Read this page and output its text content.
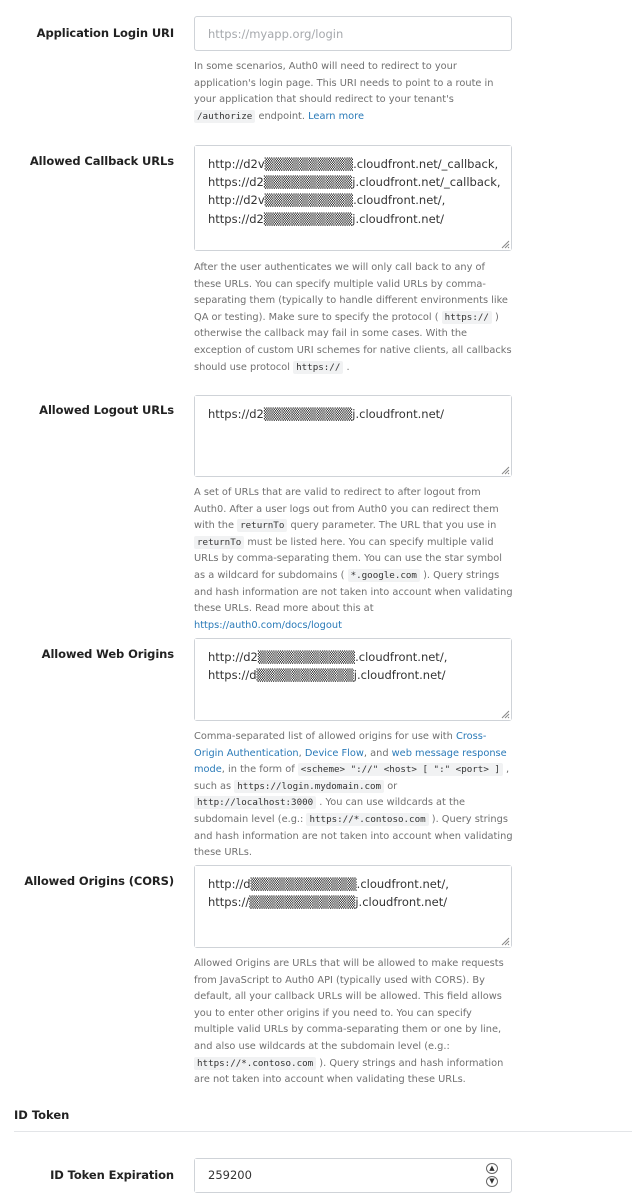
Application Login URI
https://myapp.org/login
In some scenarios, Auth0 will need to redirect to your application's login page. This URI needs to point to a route in your application that should redirect to your tenant's /authorize endpoint. Learn more
Allowed Callback URLs
http://d2v▒▒▒▒▒▒▒▒▒▒.cloudfront.net/_callback, https://d2▒▒▒▒▒▒▒▒▒▒j.cloudfront.net/_callback, http://d2v▒▒▒▒▒▒▒▒▒▒.cloudfront.net/, https://d2▒▒▒▒▒▒▒▒▒▒j.cloudfront.net/
After the user authenticates we will only call back to any of these URLs. You can specify multiple valid URLs by comma-separating them (typically to handle different environments like QA or testing). Make sure to specify the protocol ( https:// ) otherwise the callback may fail in some cases. With the exception of custom URI schemes for native clients, all callbacks should use protocol https:// .
Allowed Logout URLs
https://d2▒▒▒▒▒▒▒▒▒▒j.cloudfront.net/
A set of URLs that are valid to redirect to after logout from Auth0. After a user logs out from Auth0 you can redirect them with the returnTo query parameter. The URL that you use in returnTo must be listed here. You can specify multiple valid URLs by comma-separating them. You can use the star symbol as a wildcard for subdomains ( *.google.com ). Query strings and hash information are not taken into account when validating these URLs. Read more about this at https://auth0.com/docs/logout
Allowed Web Origins
http://d2▒▒▒▒▒▒▒▒▒▒▒.cloudfront.net/, https://d▒▒▒▒▒▒▒▒▒▒▒j.cloudfront.net/
Comma-separated list of allowed origins for use with Cross-Origin Authentication, Device Flow, and web message response mode, in the form of <scheme> "://" <host> [ ":" <port> ] , such as https://login.mydomain.com or http://localhost:3000 . You can use wildcards at the subdomain level (e.g.: https://*.contoso.com ). Query strings and hash information are not taken into account when validating these URLs.
Allowed Origins (CORS)
http://d▒▒▒▒▒▒▒▒▒▒▒▒.cloudfront.net/, https://▒▒▒▒▒▒▒▒▒▒▒▒j.cloudfront.net/
Allowed Origins are URLs that will be allowed to make requests from JavaScript to Auth0 API (typically used with CORS). By default, all your callback URLs will be allowed. This field allows you to enter other origins if you need to. You can specify multiple valid URLs by comma-separating them or one by line, and also use wildcards at the subdomain level (e.g.: https://*.contoso.com ). Query strings and hash information are not taken into account when validating these URLs.
ID Token
ID Token Expiration
259200	▲
▼
